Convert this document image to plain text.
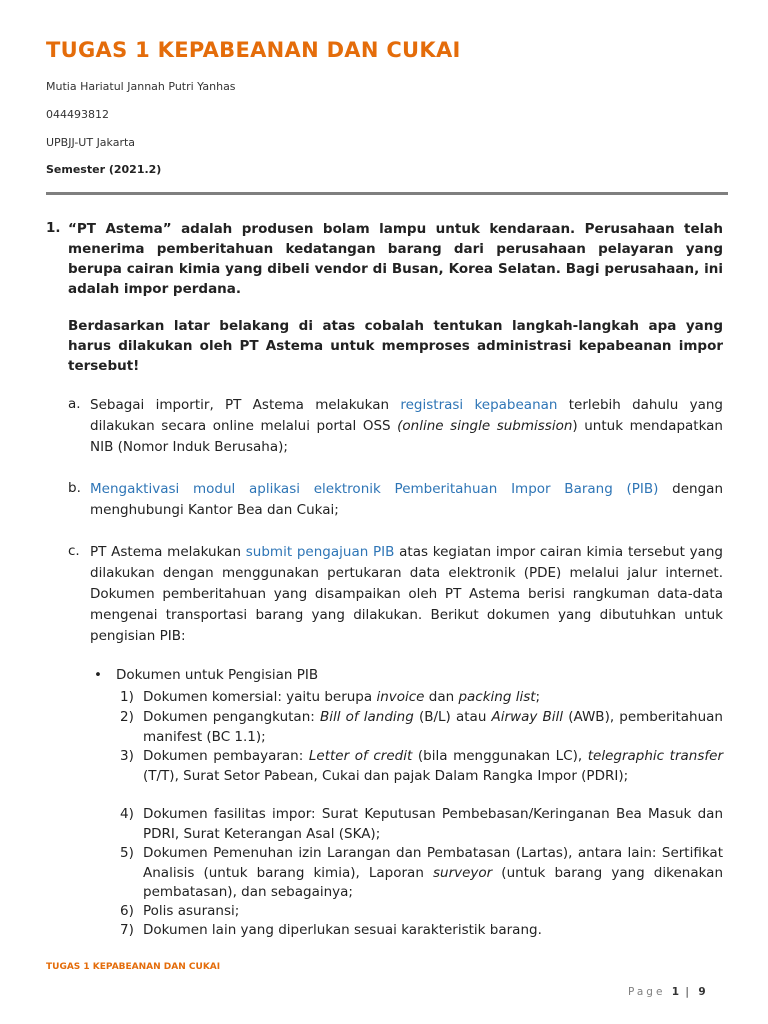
TUGAS 1 KEPABEANAN DAN CUKAI
Mutia Hariatul Jannah Putri Yanhas
044493812
UPBJJ-UT Jakarta
Semester (2021.2)
1. “PT Astema” adalah produsen bolam lampu untuk kendaraan. Perusahaan telah menerima pemberitahuan kedatangan barang dari perusahaan pelayaran yang berupa cairan kimia yang dibeli vendor di Busan, Korea Selatan. Bagi perusahaan, ini adalah impor perdana.
Berdasarkan latar belakang di atas cobalah tentukan langkah-langkah apa yang harus dilakukan oleh PT Astema untuk memproses administrasi kepabeanan impor tersebut!
a. Sebagai importir, PT Astema melakukan registrasi kepabeanan terlebih dahulu yang dilakukan secara online melalui portal OSS (online single submission) untuk mendapatkan NIB (Nomor Induk Berusaha);
b. Mengaktivasi modul aplikasi elektronik Pemberitahuan Impor Barang (PIB) dengan menghubungi Kantor Bea dan Cukai;
c. PT Astema melakukan submit pengajuan PIB atas kegiatan impor cairan kimia tersebut yang dilakukan dengan menggunakan pertukaran data elektronik (PDE) melalui jalur internet. Dokumen pemberitahuan yang disampaikan oleh PT Astema berisi rangkuman data-data mengenai transportasi barang yang dilakukan. Berikut dokumen yang dibutuhkan untuk pengisian PIB:
• Dokumen untuk Pengisian PIB
1) Dokumen komersial: yaitu berupa invoice dan packing list;
2) Dokumen pengangkutan: Bill of landing (B/L) atau Airway Bill (AWB), pemberitahuan manifest (BC 1.1);
3) Dokumen pembayaran: Letter of credit (bila menggunakan LC), telegraphic transfer (T/T), Surat Setor Pabean, Cukai dan pajak Dalam Rangka Impor (PDRI);
4) Dokumen fasilitas impor: Surat Keputusan Pembebasan/Keringanan Bea Masuk dan PDRI, Surat Keterangan Asal (SKA);
5) Dokumen Pemenuhan izin Larangan dan Pembatasan (Lartas), antara lain: Sertifikat Analisis (untuk barang kimia), Laporan surveyor (untuk barang yang dikenakan pembatasan), dan sebagainya;
6) Polis asuransi;
7) Dokumen lain yang diperlukan sesuai karakteristik barang.
TUGAS 1 KEPABEANAN DAN CUKAI
Page 1 | 9
